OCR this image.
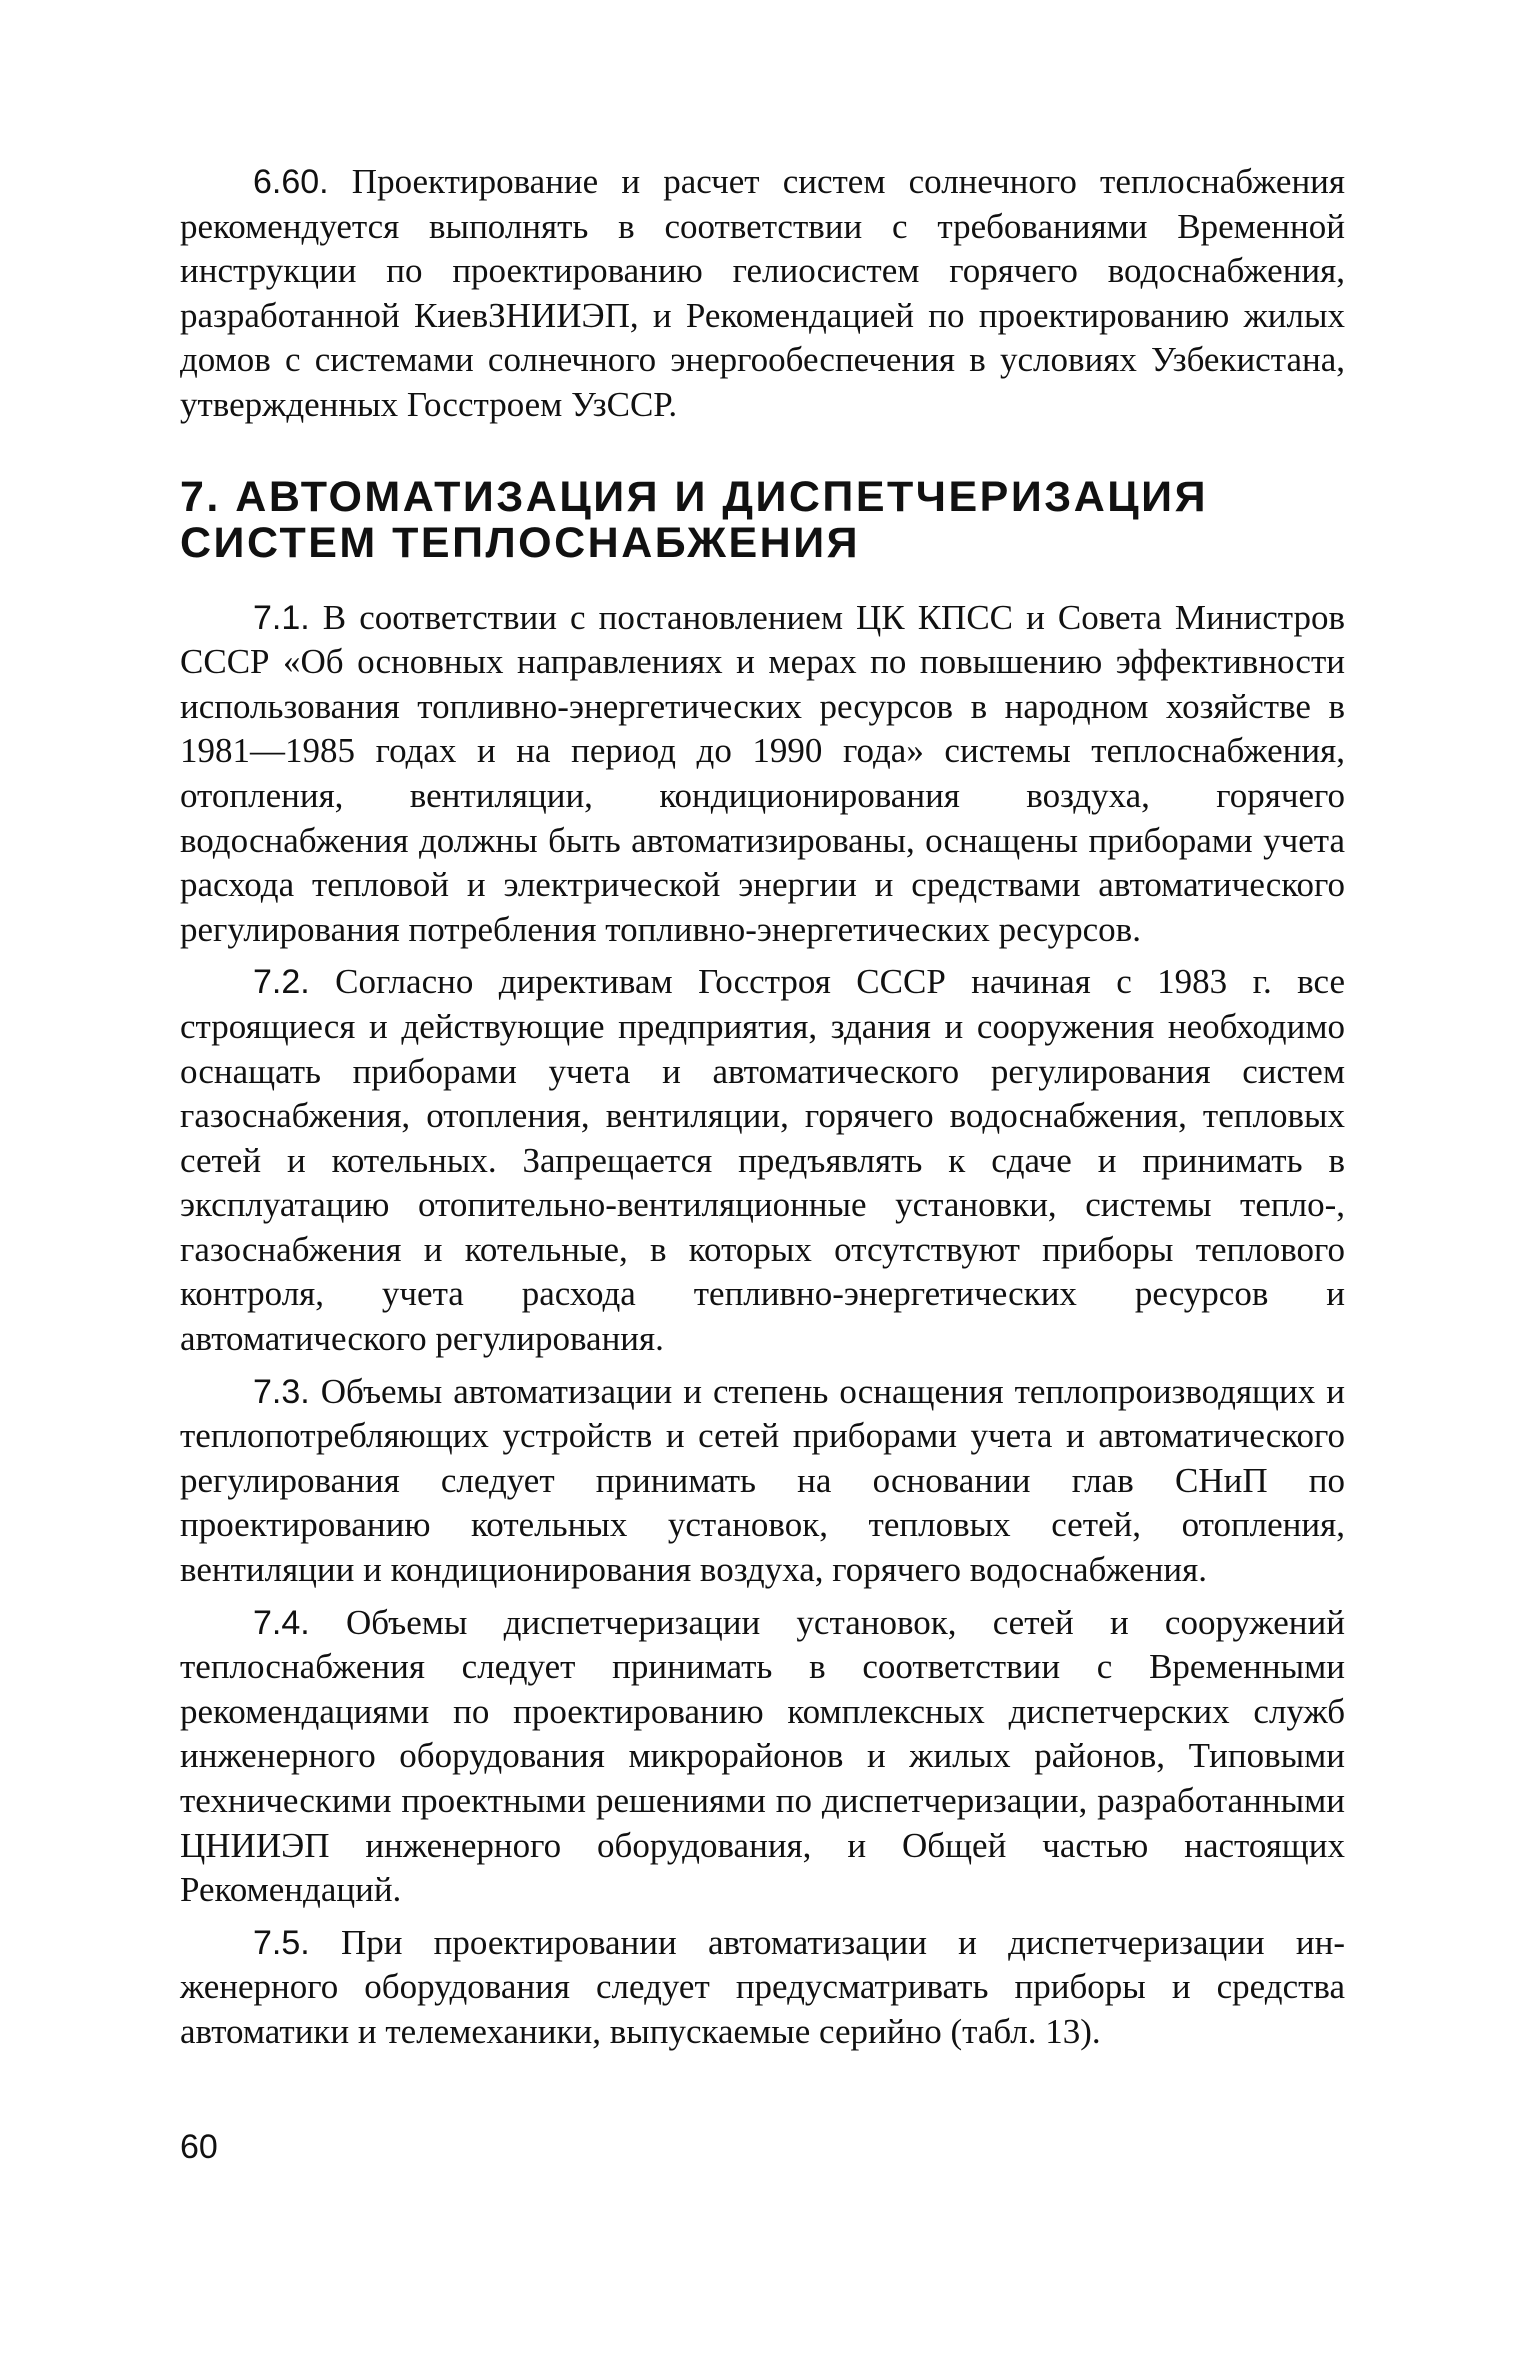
6.60. Проектирование и расчет систем солнечного теплоснабжения рекомендуется выполнять в соответствии с требованиями Временной инструкции по проектированию гелиосистем горячего водоснабжения, разработанной КиевЗНИИЭП, и Рекомендацией по проектированию жилых домов с системами солнечного энергообеспечения в условиях Узбекистана, утвержденных Госстроем УзССР.

7. АВТОМАТИЗАЦИЯ И ДИСПЕТЧЕРИЗАЦИЯ
СИСТЕМ ТЕПЛОСНАБЖЕНИЯ

7.1. В соответствии с постановлением ЦК КПСС и Совета Министров СССР «Об основных направлениях и мерах по повышению эффективности использования топливно-энергетических ресурсов в народном хозяйстве в 1981—1985 годах и на период до 1990 года» системы теплоснабжения, отопления, вентиляции, кондиционирования воздуха, горячего водоснабжения должны быть автоматизированы, оснащены приборами учета расхода тепловой и электрической энергии и средствами автоматического регулирования потребления топливно-энергетических ресурсов.

7.2. Согласно директивам Госстроя СССР начиная с 1983 г. все строящиеся и действующие предприятия, здания и сооружения необходимо оснащать приборами учета и автоматического регулирования систем газоснабжения, отопления, вентиляции, горячего водоснабжения, тепловых сетей и котельных. Запрещается предъявлять к сдаче и принимать в эксплуатацию отопительно-вентиляционные установки, системы тепло-, газоснабжения и котельные, в которых отсутствуют приборы теплового контроля, учета расхода тепливно-энергетических ресурсов и автоматического регулирования.

7.3. Объемы автоматизации и степень оснащения теплопроизводящих и теплопотребляющих устройств и сетей приборами учета и автоматического регулирования следует принимать на основании глав СНиП по проектированию котельных установок, тепловых сетей, отопления, вентиляции и кондиционирования воздуха, горячего водоснабжения.

7.4. Объемы диспетчеризации установок, сетей и сооружений теплоснабжения следует принимать в соответствии с Временными рекомендациями по проектированию комплексных диспетчерских служб инженерного оборудования микрорайонов и жилых районов, Типовыми техническими проектными решениями по диспетчеризации, разработанными ЦНИИЭП инженерного оборудования, и Общей частью настоящих Рекомендаций.

7.5. При проектировании автоматизации и диспетчеризации инженерного оборудования следует предусматривать приборы и средства автоматики и телемеханики, выпускаемые серийно (табл. 13).

60
